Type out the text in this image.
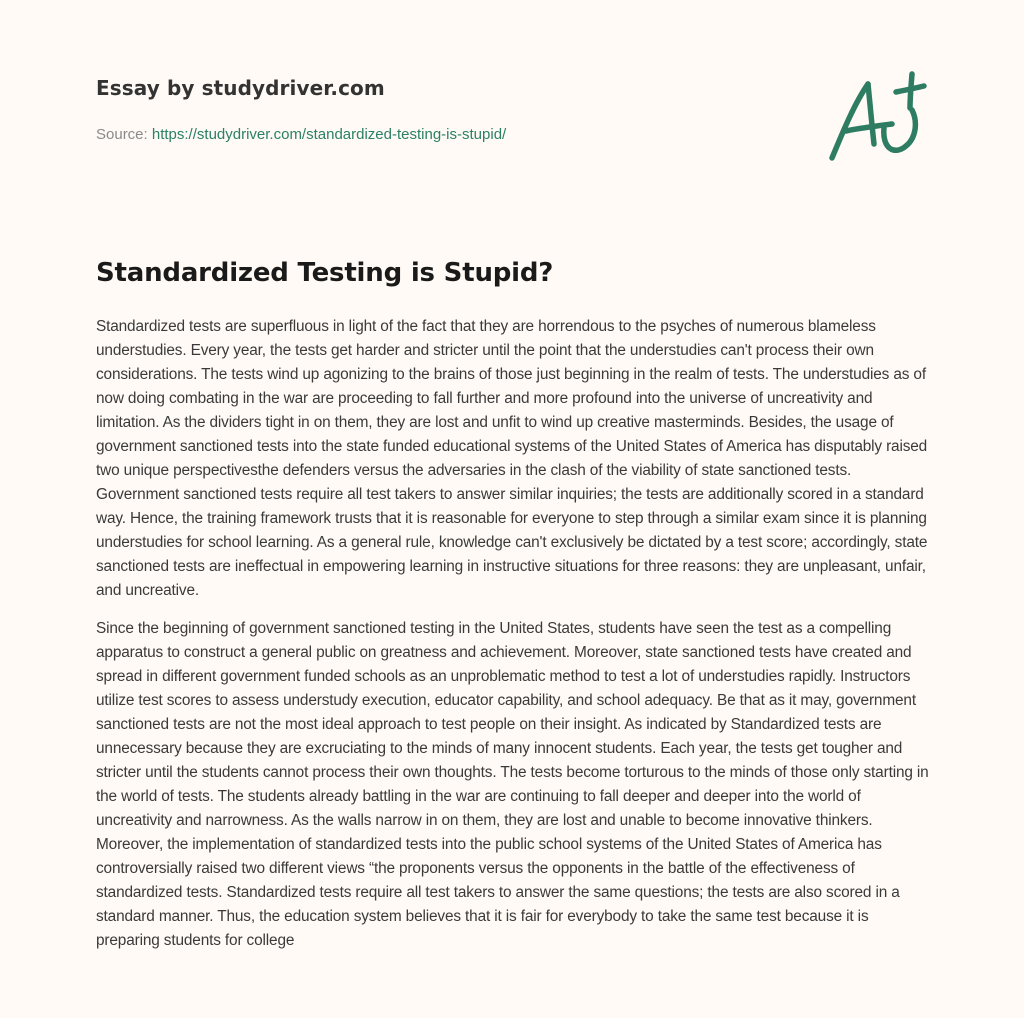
Essay by studydriver.com
Source: https://studydriver.com/standardized-testing-is-stupid/
Standardized Testing is Stupid?

Standardized tests are superfluous in light of the fact that they are horrendous to the psyches of numerous blameless understudies. Every year, the tests get harder and stricter until the point that the understudies can't process their own considerations. The tests wind up agonizing to the brains of those just beginning in the realm of tests. The understudies as of now doing combating in the war are proceeding to fall further and more profound into the universe of uncreativity and limitation. As the dividers tight in on them, they are lost and unfit to wind up creative masterminds. Besides, the usage of government sanctioned tests into the state funded educational systems of the United States of America has disputably raised two unique perspectivesthe defenders versus the adversaries in the clash of the viability of state sanctioned tests. Government sanctioned tests require all test takers to answer similar inquiries; the tests are additionally scored in a standard way. Hence, the training framework trusts that it is reasonable for everyone to step through a similar exam since it is planning understudies for school learning. As a general rule, knowledge can't exclusively be dictated by a test score; accordingly, state sanctioned tests are ineffectual in empowering learning in instructive situations for three reasons: they are unpleasant, unfair, and uncreative.

Since the beginning of government sanctioned testing in the United States, students have seen the test as a compelling apparatus to construct a general public on greatness and achievement. Moreover, state sanctioned tests have created and spread in different government funded schools as an unproblematic method to test a lot of understudies rapidly. Instructors utilize test scores to assess understudy execution, educator capability, and school adequacy. Be that as it may, government sanctioned tests are not the most ideal approach to test people on their insight. As indicated by Standardized tests are unnecessary because they are excruciating to the minds of many innocent students. Each year, the tests get tougher and stricter until the students cannot process their own thoughts. The tests become torturous to the minds of those only starting in the world of tests. The students already battling in the war are continuing to fall deeper and deeper into the world of uncreativity and narrowness. As the walls narrow in on them, they are lost and unable to become innovative thinkers. Moreover, the implementation of standardized tests into the public school systems of the United States of America has controversially raised two different views “the proponents versus the opponents in the battle of the effectiveness of standardized tests. Standardized tests require all test takers to answer the same questions; the tests are also scored in a standard manner. Thus, the education system believes that it is fair for everybody to take the same test because it is preparing students for college
